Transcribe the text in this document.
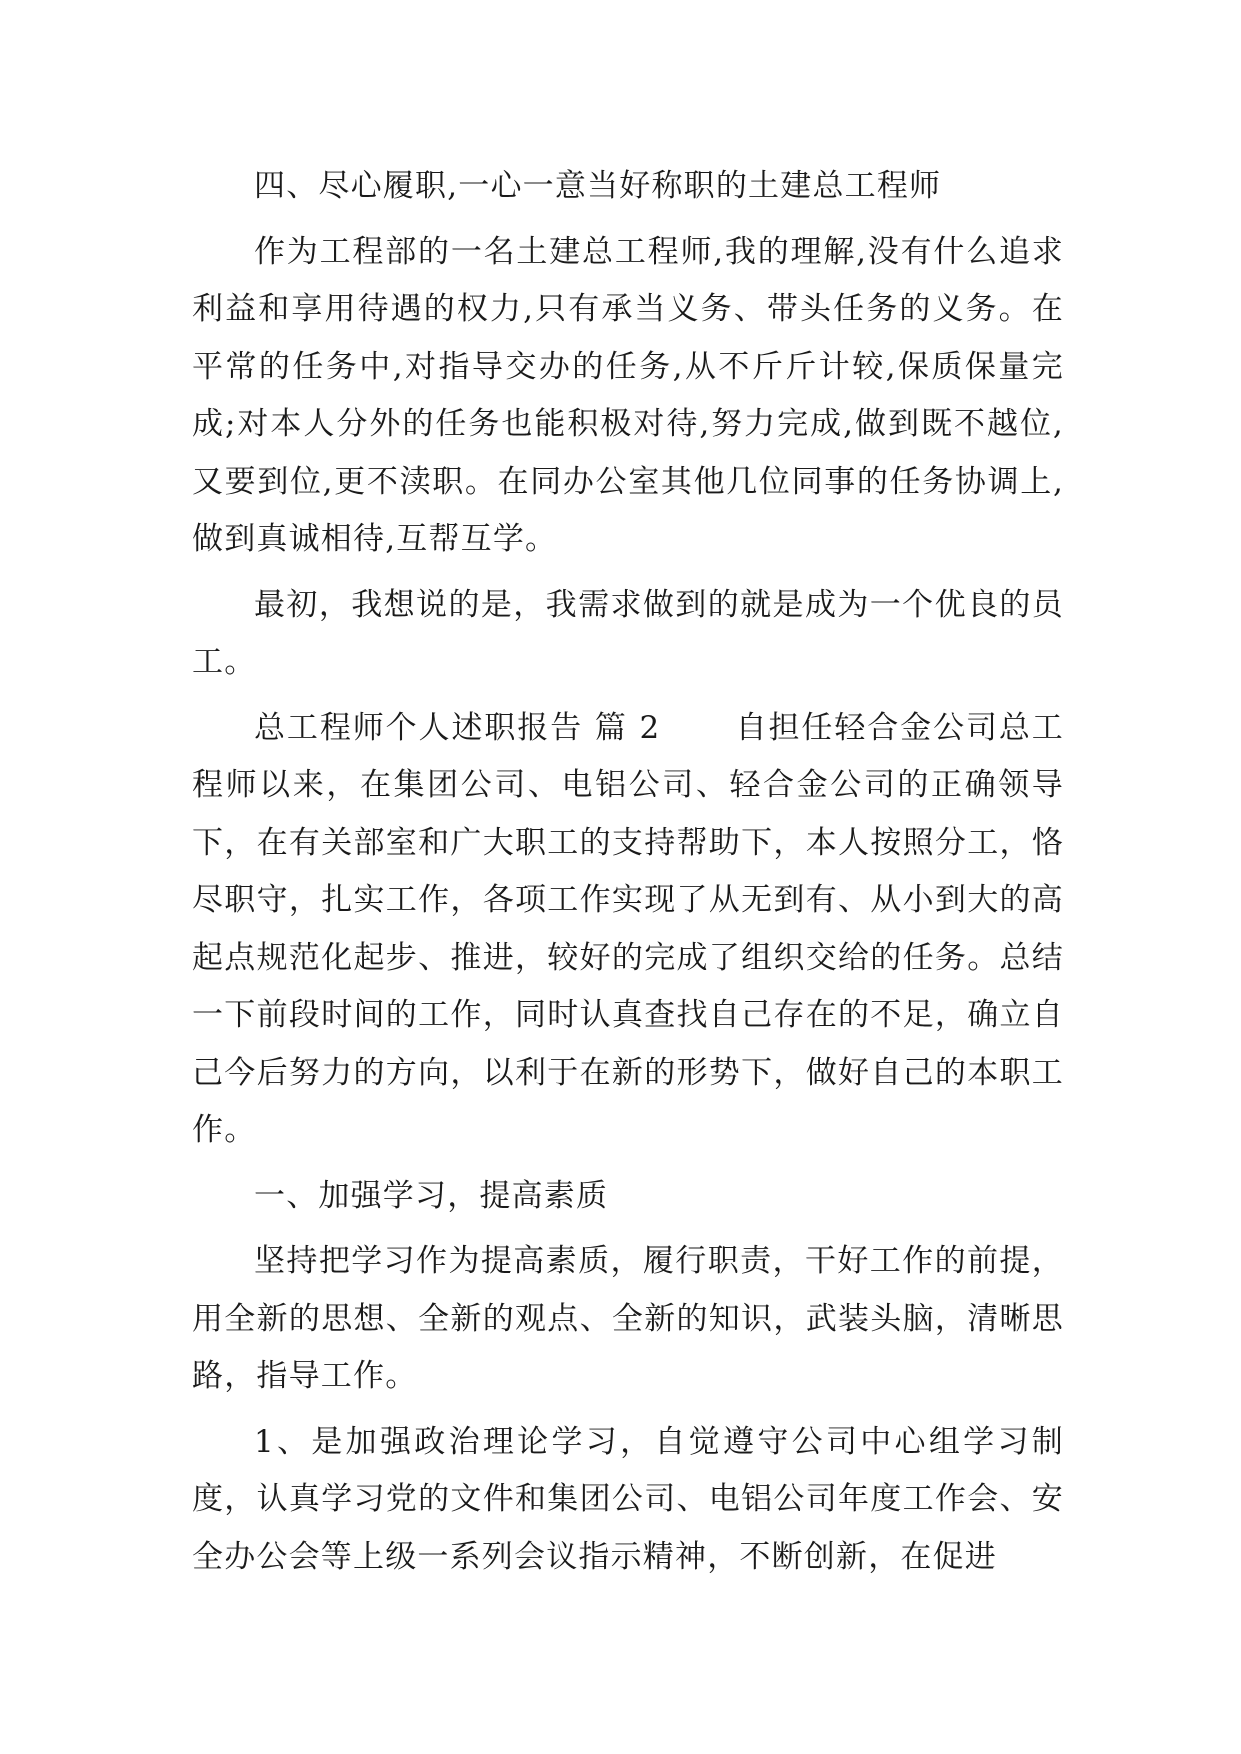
四、尽心履职,一心一意当好称职的土建总工程师

作为工程部的一名土建总工程师,我的理解,没有什么追求利益和享用待遇的权力,只有承当义务、带头任务的义务。在平常的任务中,对指导交办的任务,从不斤斤计较,保质保量完成;对本人分外的任务也能积极对待,努力完成,做到既不越位,又要到位,更不渎职。在同办公室其他几位同事的任务协调上,做到真诚相待,互帮互学。

最初，我想说的是，我需求做到的就是成为一个优良的员工。

总工程师个人述职报告 篇 2 自担任轻合金公司总工程师以来，在集团公司、电铝公司、轻合金公司的正确领导下，在有关部室和广大职工的支持帮助下，本人按照分工，恪尽职守，扎实工作，各项工作实现了从无到有、从小到大的高起点规范化起步、推进，较好的完成了组织交给的任务。总结一下前段时间的工作，同时认真查找自己存在的不足，确立自己今后努力的方向，以利于在新的形势下，做好自己的本职工作。

一、加强学习，提高素质

坚持把学习作为提高素质，履行职责，干好工作的前提，用全新的思想、全新的观点、全新的知识，武装头脑，清晰思路，指导工作。

1、是加强政治理论学习，自觉遵守公司中心组学习制度，认真学习党的文件和集团公司、电铝公司年度工作会、安全办公会等上级一系列会议指示精神，不断创新，在促进
